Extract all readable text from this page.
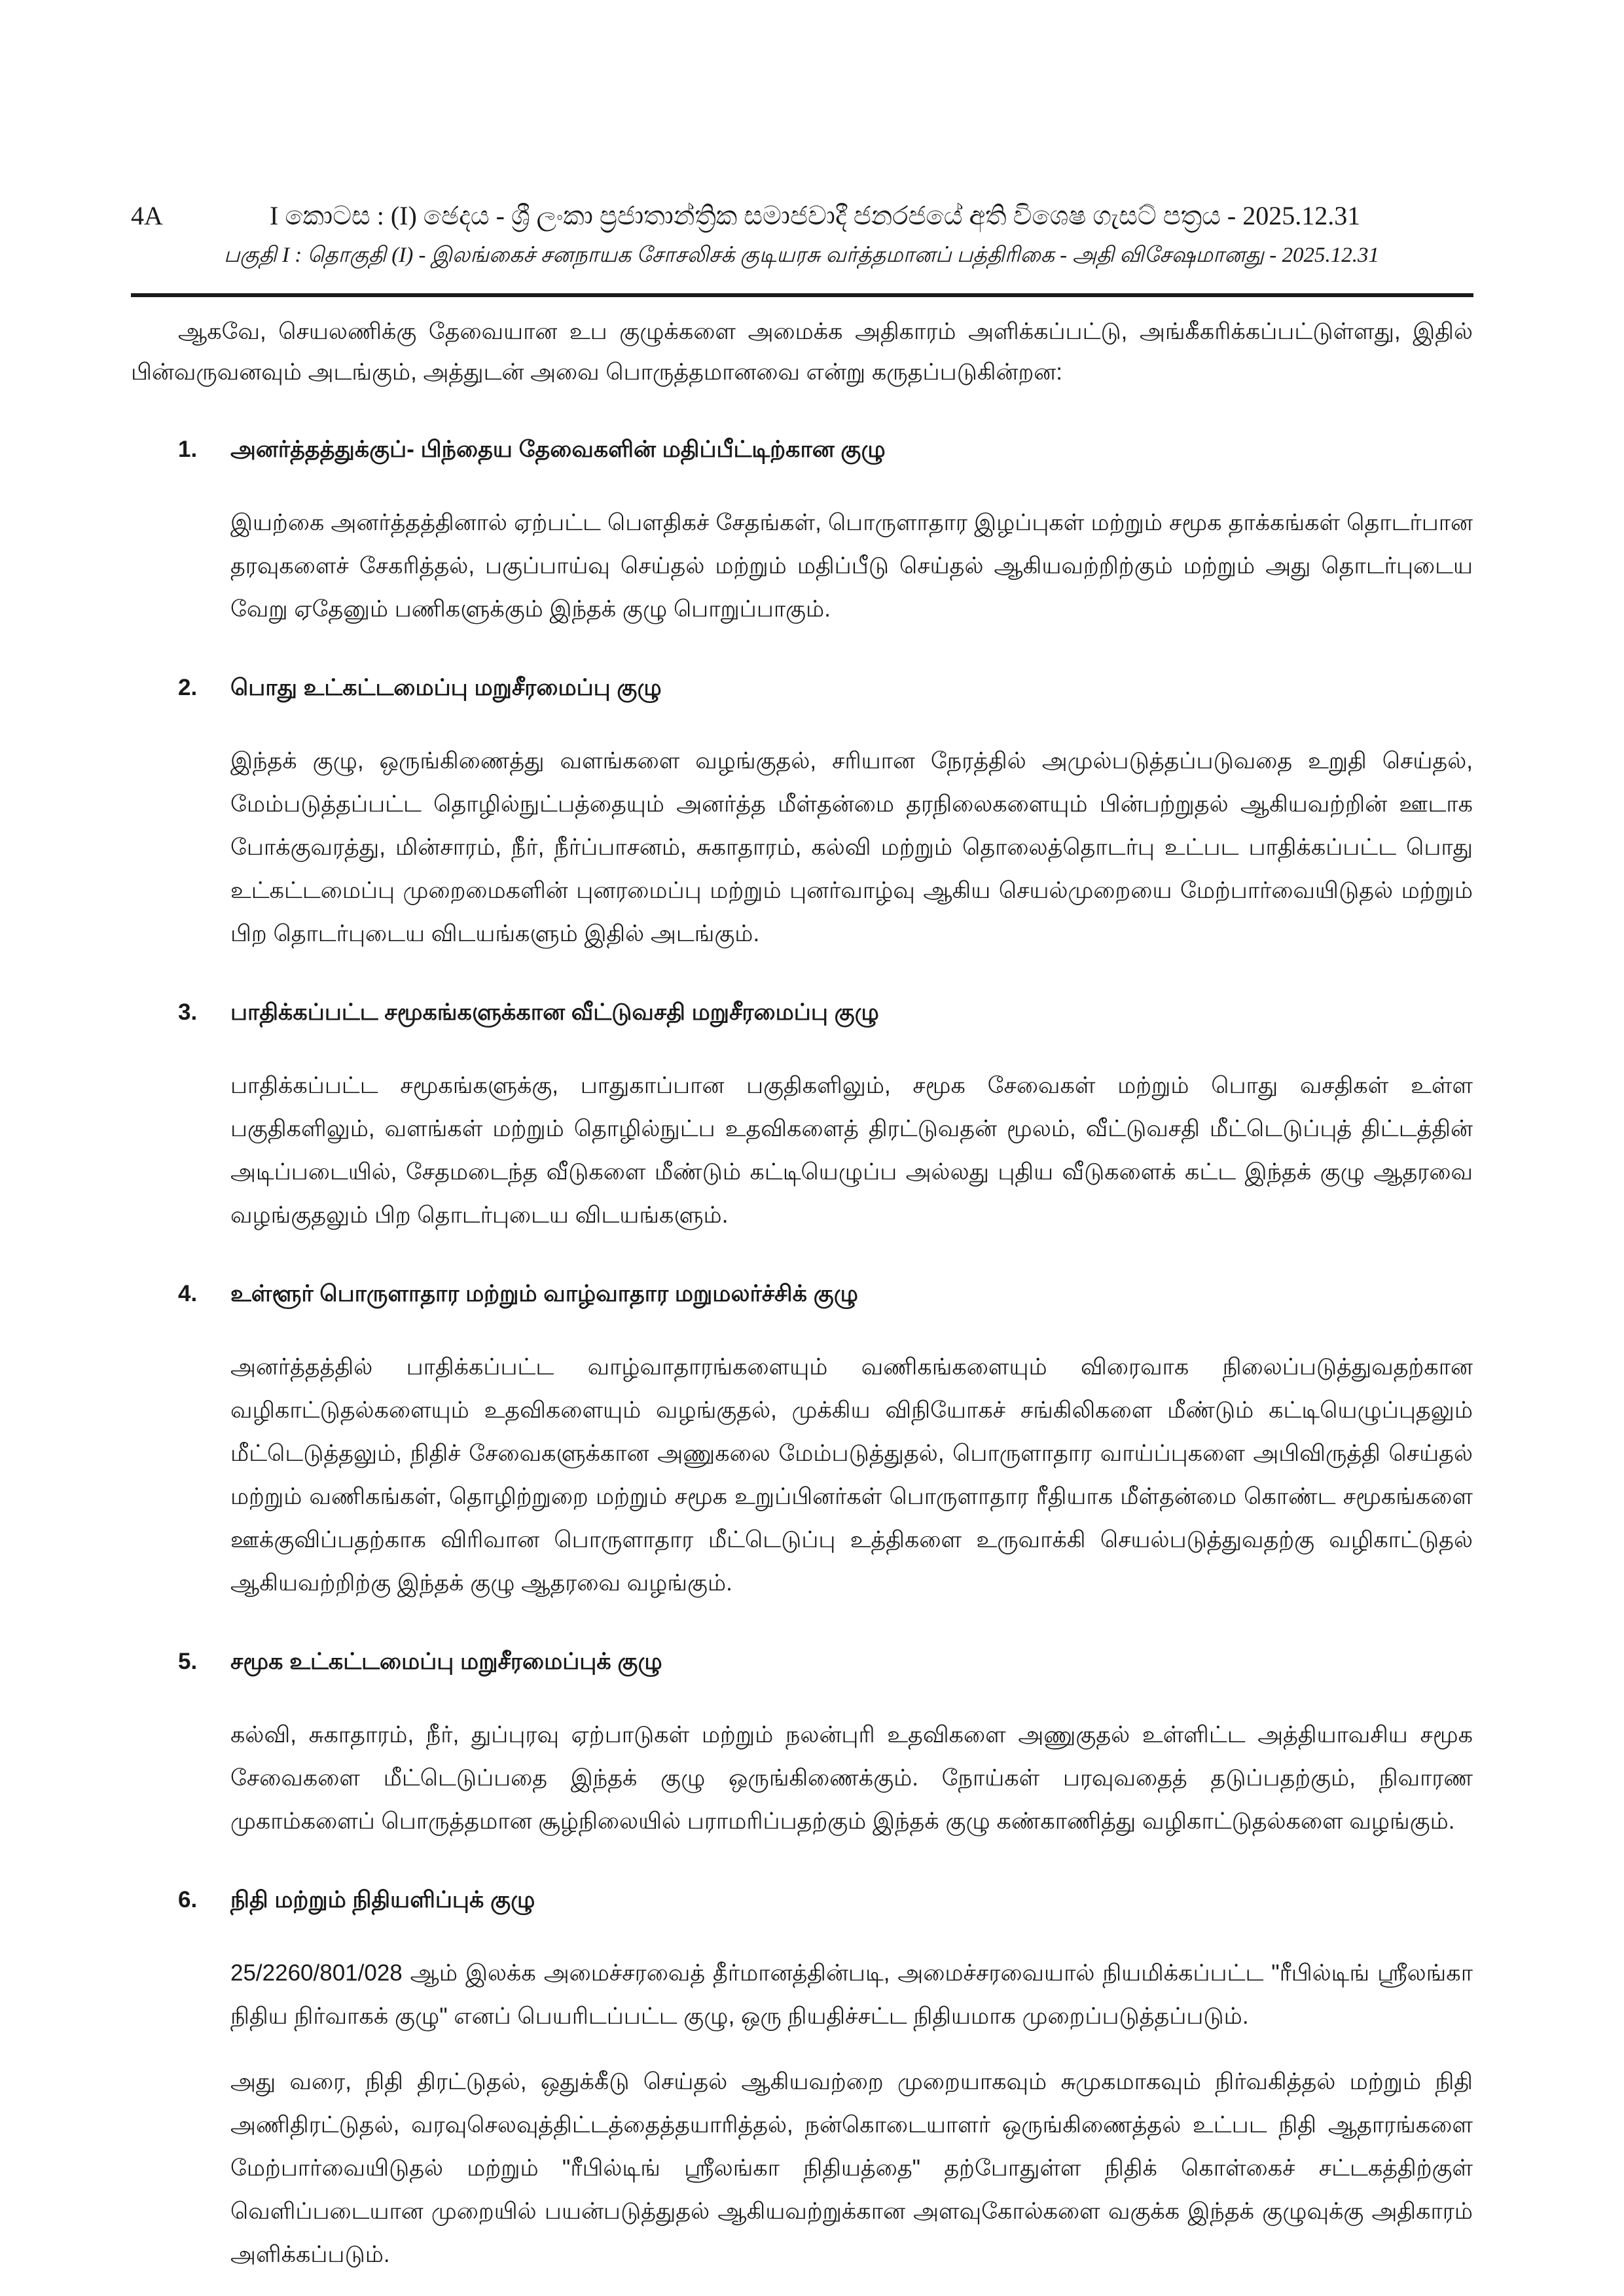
4A	I කොටස : (I) ඡෙදය - ශ්‍රී ලංකා ප්‍රජාතාන්ත්‍රික සමාජවාදී ජනරජයේ අති විශෙෂ ගැසට් පත්‍රය - 2025.12.31
பகுதி I : தொகுதி (I) - இலங்கைச் சனநாயக சோசலிசக் குடியரசு வர்த்தமானப் பத்திரிகை - அதி விசேஷமானது - 2025.12.31

ஆகவே, செயலணிக்கு தேவையான உப குழுக்களை அமைக்க அதிகாரம் அளிக்கப்பட்டு, அங்கீகரிக்கப்பட்டுள்ளது, இதில் பின்வருவனவும் அடங்கும், அத்துடன் அவை பொருத்தமானவை என்று கருதப்படுகின்றன:

1. அனர்த்தத்துக்குப்- பிந்தைய தேவைகளின் மதிப்பீட்டிற்கான குழு

இயற்கை அனர்த்தத்தினால் ஏற்பட்ட பௌதிகச் சேதங்கள், பொருளாதார இழப்புகள் மற்றும் சமூக தாக்கங்கள் தொடர்பான தரவுகளைச் சேகரித்தல், பகுப்பாய்வு செய்தல் மற்றும் மதிப்பீடு செய்தல் ஆகியவற்றிற்கும் மற்றும் அது தொடர்புடைய வேறு ஏதேனும் பணிகளுக்கும் இந்தக் குழு பொறுப்பாகும்.

2. பொது உட்கட்டமைப்பு மறுசீரமைப்பு குழு

இந்தக் குழு, ஒருங்கிணைத்து வளங்களை வழங்குதல், சரியான நேரத்தில் அமுல்படுத்தப்படுவதை உறுதி செய்தல், மேம்படுத்தப்பட்ட தொழில்நுட்பத்தையும் அனர்த்த மீள்தன்மை தரநிலைகளையும் பின்பற்றுதல் ஆகியவற்றின் ஊடாக போக்குவரத்து, மின்சாரம், நீர், நீர்ப்பாசனம், சுகாதாரம், கல்வி மற்றும் தொலைத்தொடர்பு உட்பட பாதிக்கப்பட்ட பொது உட்கட்டமைப்பு முறைமைகளின் புனரமைப்பு மற்றும் புனர்வாழ்வு ஆகிய செயல்முறையை மேற்பார்வையிடுதல் மற்றும் பிற தொடர்புடைய விடயங்களும் இதில் அடங்கும்.

3. பாதிக்கப்பட்ட சமூகங்களுக்கான வீட்டுவசதி மறுசீரமைப்பு குழு

பாதிக்கப்பட்ட சமூகங்களுக்கு, பாதுகாப்பான பகுதிகளிலும், சமூக சேவைகள் மற்றும் பொது வசதிகள் உள்ள பகுதிகளிலும், வளங்கள் மற்றும் தொழில்நுட்ப உதவிகளைத் திரட்டுவதன் மூலம், வீட்டுவசதி மீட்டெடுப்புத் திட்டத்தின் அடிப்படையில், சேதமடைந்த வீடுகளை மீண்டும் கட்டியெழுப்ப அல்லது புதிய வீடுகளைக் கட்ட இந்தக் குழு ஆதரவை வழங்குதலும் பிற தொடர்புடைய விடயங்களும்.

4. உள்ளூர் பொருளாதார மற்றும் வாழ்வாதார மறுமலர்ச்சிக் குழு

அனர்த்தத்தில் பாதிக்கப்பட்ட வாழ்வாதாரங்களையும் வணிகங்களையும் விரைவாக நிலைப்படுத்துவதற்கான வழிகாட்டுதல்களையும் உதவிகளையும் வழங்குதல், முக்கிய விநியோகச் சங்கிலிகளை மீண்டும் கட்டியெழுப்புதலும் மீட்டெடுத்தலும், நிதிச் சேவைகளுக்கான அணுகலை மேம்படுத்துதல், பொருளாதார வாய்ப்புகளை அபிவிருத்தி செய்தல் மற்றும் வணிகங்கள், தொழிற்றுறை மற்றும் சமூக உறுப்பினர்கள் பொருளாதார ரீதியாக மீள்தன்மை கொண்ட சமூகங்களை ஊக்குவிப்பதற்காக விரிவான பொருளாதார மீட்டெடுப்பு உத்திகளை உருவாக்கி செயல்படுத்துவதற்கு வழிகாட்டுதல் ஆகியவற்றிற்கு இந்தக் குழு ஆதரவை வழங்கும்.

5. சமூக உட்கட்டமைப்பு மறுசீரமைப்புக் குழு

கல்வி, சுகாதாரம், நீர், துப்புரவு ஏற்பாடுகள் மற்றும் நலன்புரி உதவிகளை அணுகுதல் உள்ளிட்ட அத்தியாவசிய சமூக சேவைகளை மீட்டெடுப்பதை இந்தக் குழு ஒருங்கிணைக்கும். நோய்கள் பரவுவதைத் தடுப்பதற்கும், நிவாரண முகாம்களைப் பொருத்தமான சூழ்நிலையில் பராமரிப்பதற்கும் இந்தக் குழு கண்காணித்து வழிகாட்டுதல்களை வழங்கும்.

6. நிதி மற்றும் நிதியளிப்புக் குழு

25/2260/801/028 ஆம் இலக்க அமைச்சரவைத் தீர்மானத்தின்படி, அமைச்சரவையால் நியமிக்கப்பட்ட "ரீபில்டிங் ஸ்ரீலங்கா நிதிய நிர்வாகக் குழு" எனப் பெயரிடப்பட்ட குழு, ஒரு நியதிச்சட்ட நிதியமாக முறைப்படுத்தப்படும்.

அது வரை, நிதி திரட்டுதல், ஒதுக்கீடு செய்தல் ஆகியவற்றை முறையாகவும் சுமுகமாகவும் நிர்வகித்தல் மற்றும் நிதி அணிதிரட்டுதல், வரவுசெலவுத்திட்டத்தைத்தயாரித்தல், நன்கொடையாளர் ஒருங்கிணைத்தல் உட்பட நிதி ஆதாரங்களை மேற்பார்வையிடுதல் மற்றும் "ரீபில்டிங் ஸ்ரீலங்கா நிதியத்தை" தற்போதுள்ள நிதிக் கொள்கைச் சட்டகத்திற்குள் வெளிப்படையான முறையில் பயன்படுத்துதல் ஆகியவற்றுக்கான அளவுகோல்களை வகுக்க இந்தக் குழுவுக்கு அதிகாரம் அளிக்கப்படும்.
